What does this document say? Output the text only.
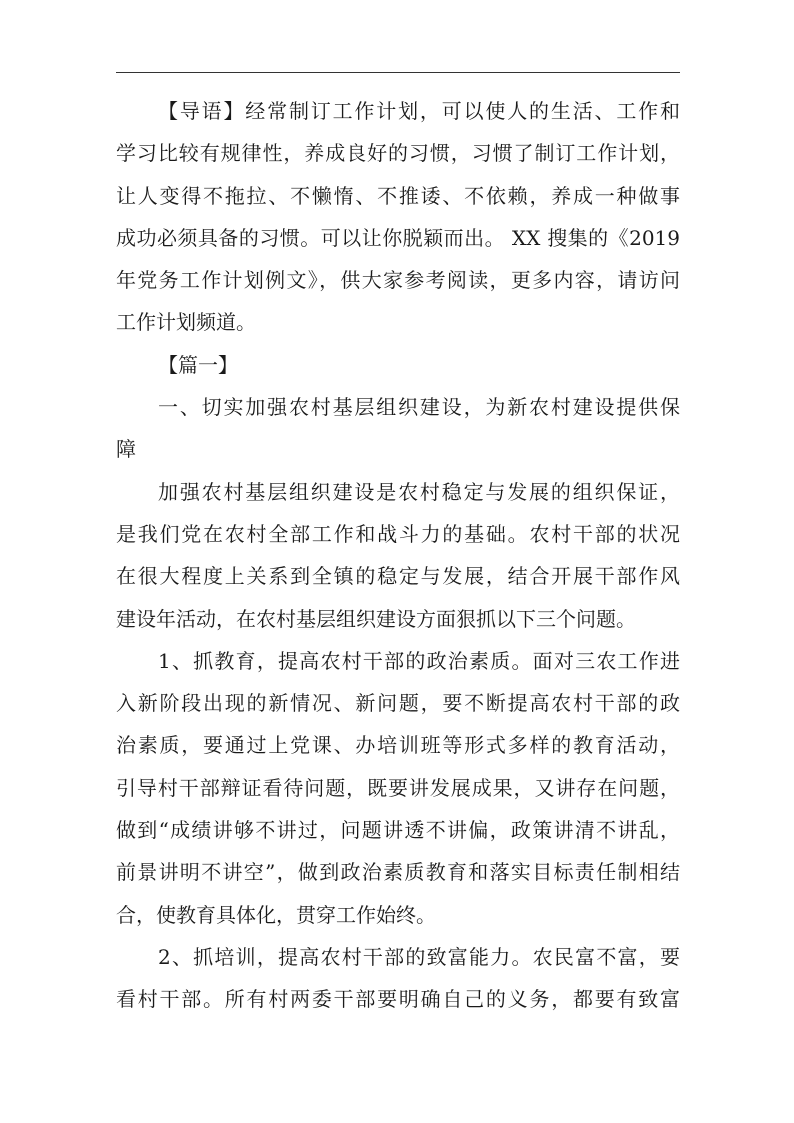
【导语】经常制订工作计划，可以使人的生活、工作和
学习比较有规律性，养成良好的习惯，习惯了制订工作计划，
让人变得不拖拉、不懒惰、不推诿、不依赖，养成一种做事
成功必须具备的习惯。可以让你脱颖而出。 XX 搜集的《2019
年党务工作计划例文》，供大家参考阅读，更多内容，请访问
工作计划频道。
【篇一】
一、切实加强农村基层组织建设，为新农村建设提供保
障
加强农村基层组织建设是农村稳定与发展的组织保证，
是我们党在农村全部工作和战斗力的基础。农村干部的状况
在很大程度上关系到全镇的稳定与发展，结合开展干部作风
建设年活动，在农村基层组织建设方面狠抓以下三个问题。
1、抓教育，提高农村干部的政治素质。面对三农工作进
入新阶段出现的新情况、新问题，要不断提高农村干部的政
治素质，要通过上党课、办培训班等形式多样的教育活动，
引导村干部辩证看待问题，既要讲发展成果，又讲存在问题，
做到“成绩讲够不讲过，问题讲透不讲偏，政策讲清不讲乱，
前景讲明不讲空”，做到政治素质教育和落实目标责任制相结
合，使教育具体化，贯穿工作始终。
2、抓培训，提高农村干部的致富能力。农民富不富，要
看村干部。所有村两委干部要明确自己的义务，都要有致富
